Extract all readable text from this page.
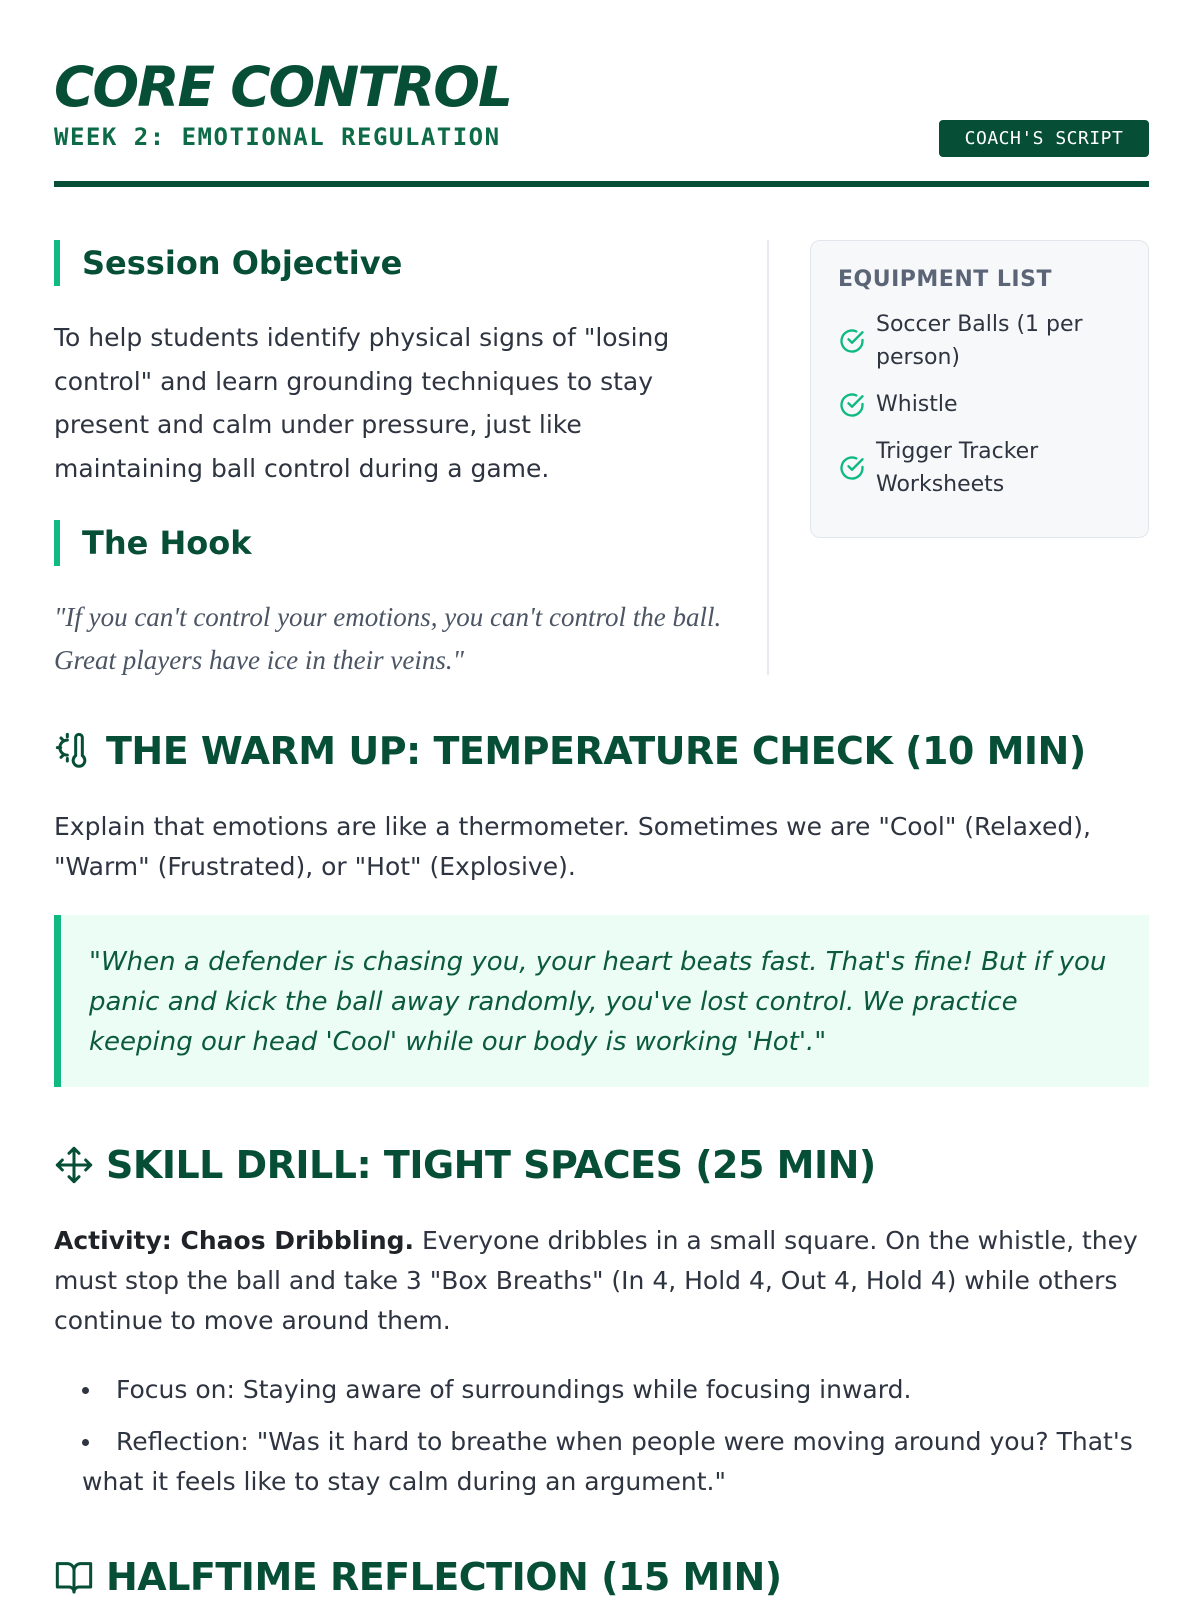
CORE CONTROL
WEEK 2: EMOTIONAL REGULATION	COACH'S SCRIPT
Session Objective

To help students identify physical signs of "losing control" and learn grounding techniques to stay present and calm under pressure, just like maintaining ball control during a game.

The Hook

"If you can't control your emotions, you can't control the ball. Great players have ice in their veins."

EQUIPMENT LIST
Soccer Balls (1 per person)
Whistle
Trigger Tracker Worksheets
THE WARM UP: TEMPERATURE CHECK (10 MIN)

Explain that emotions are like a thermometer. Sometimes we are "Cool" (Relaxed), "Warm" (Frustrated), or "Hot" (Explosive).

"When a defender is chasing you, your heart beats fast. That's fine! But if you panic and kick the ball away randomly, you've lost control. We practice keeping our head 'Cool' while our body is working 'Hot'."
SKILL DRILL: TIGHT SPACES (25 MIN)

Activity: Chaos Dribbling. Everyone dribbles in a small square. On the whistle, they must stop the ball and take 3 "Box Breaths" (In 4, Hold 4, Out 4, Hold 4) while others continue to move around them.

Focus on: Staying aware of surroundings while focusing inward.
Reflection: "Was it hard to breathe when people were moving around you? That's what it feels like to stay calm during an argument."
HALFTIME REFLECTION (15 MIN)
